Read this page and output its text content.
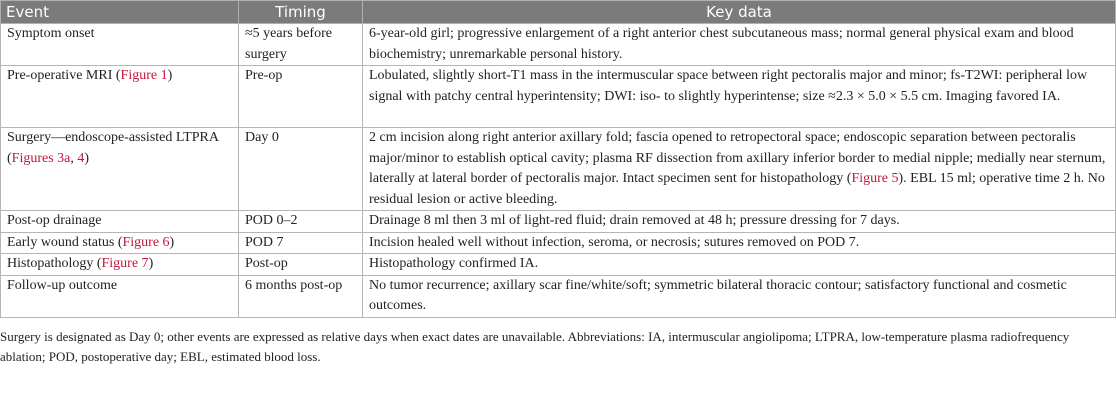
Event	Timing	Key data
Symptom onset	≈5 years before surgery	6-year-old girl; progressive enlargement of a right anterior chest subcutaneous mass; normal general physical exam and blood biochemistry; unremarkable personal history.
Pre-operative MRI (Figure 1)	Pre-op	Lobulated, slightly short-T1 mass in the intermuscular space between right pectoralis major and minor; fs-T2WI: peripheral low signal with patchy central hyperintensity; DWI: iso- to slightly hyperintense; size ≈2.3 × 5.0 × 5.5 cm. Imaging favored IA.
Surgery—endoscope-assisted LTPRA (Figures 3a, 4)	Day 0	2 cm incision along right anterior axillary fold; fascia opened to retropectoral space; endoscopic separation between pectoralis major/minor to establish optical cavity; plasma RF dissection from axillary inferior border to medial nipple; medially near sternum, laterally at lateral border of pectoralis major. Intact specimen sent for histopathology (Figure 5). EBL 15 ml; operative time 2 h. No residual lesion or active bleeding.
Post-op drainage	POD 0–2	Drainage 8 ml then 3 ml of light-red fluid; drain removed at 48 h; pressure dressing for 7 days.
Early wound status (Figure 6)	POD 7	Incision healed well without infection, seroma, or necrosis; sutures removed on POD 7.
Histopathology (Figure 7)	Post-op	Histopathology confirmed IA.
Follow-up outcome	6 months post-op	No tumor recurrence; axillary scar fine/white/soft; symmetric bilateral thoracic contour; satisfactory functional and cosmetic outcomes.
Surgery is designated as Day 0; other events are expressed as relative days when exact dates are unavailable. Abbreviations: IA, intermuscular angiolipoma; LTPRA, low-temperature plasma radiofrequency ablation; POD, postoperative day; EBL, estimated blood loss.
